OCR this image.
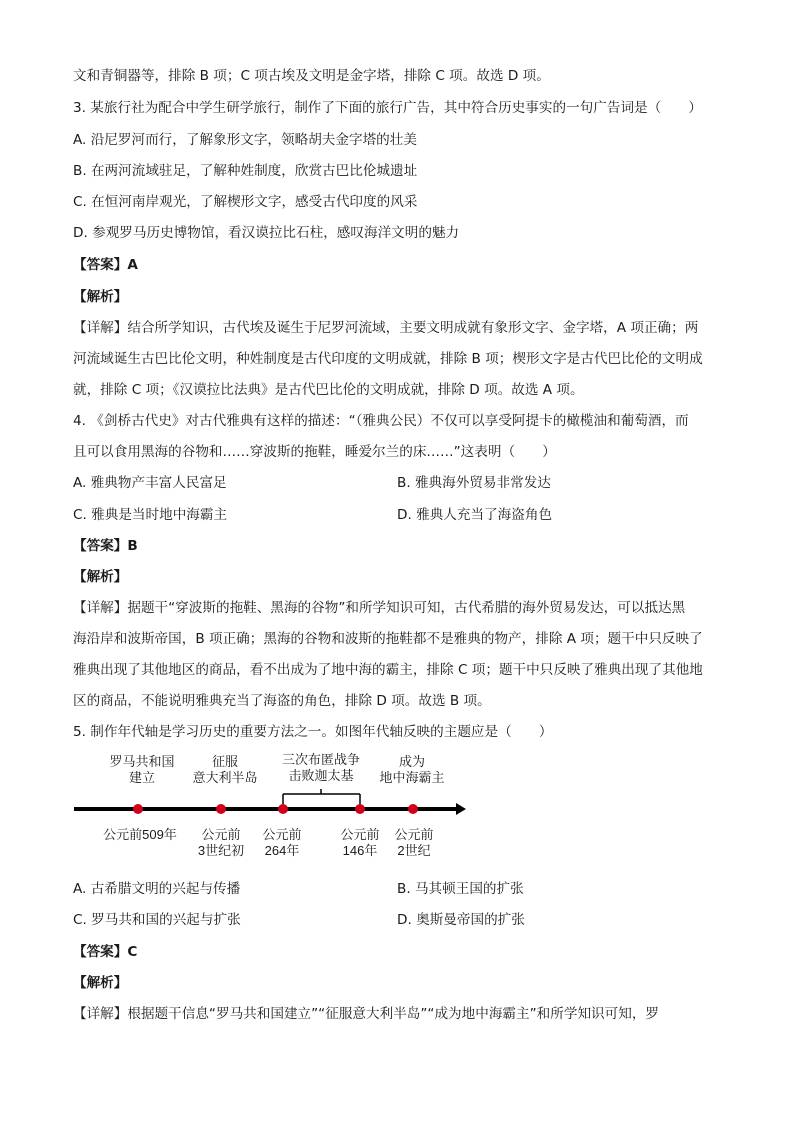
文和青铜器等，排除 B 项；C 项古埃及文明是金字塔，排除 C 项。故选 D 项。
3. 某旅行社为配合中学生研学旅行，制作了下面的旅行广告，其中符合历史事实的一句广告词是（　　）
A. 沿尼罗河而行，了解象形文字，领略胡夫金字塔的壮美
B. 在两河流域驻足，了解种姓制度，欣赏古巴比伦城遗址
C. 在恒河南岸观光，了解楔形文字，感受古代印度的风采
D. 参观罗马历史博物馆，看汉谟拉比石柱，感叹海洋文明的魅力
【答案】A
【解析】
【详解】结合所学知识，古代埃及诞生于尼罗河流域，主要文明成就有象形文字、金字塔，A 项正确；两
河流域诞生古巴比伦文明，种姓制度是古代印度的文明成就，排除 B 项；楔形文字是古代巴比伦的文明成
就，排除 C 项；《汉谟拉比法典》是古代巴比伦的文明成就，排除 D 项。故选 A 项。
4. 《剑桥古代史》对古代雅典有这样的描述：“（雅典公民）不仅可以享受阿提卡的橄榄油和葡萄酒，而
且可以食用黑海的谷物和……穿波斯的拖鞋，睡爱尔兰的床……”这表明（　　）
A. 雅典物产丰富人民富足	B. 雅典海外贸易非常发达
C. 雅典是当时地中海霸主	D. 雅典人充当了海盗角色
【答案】B
【解析】
【详解】据题干“穿波斯的拖鞋、黑海的谷物”和所学知识可知，古代希腊的海外贸易发达，可以抵达黑
海沿岸和波斯帝国，B 项正确；黑海的谷物和波斯的拖鞋都不是雅典的物产，排除 A 项；题干中只反映了
雅典出现了其他地区的商品，看不出成为了地中海的霸主，排除 C 项；题干中只反映了雅典出现了其他地
区的商品，不能说明雅典充当了海盗的角色，排除 D 项。故选 B 项。
5. 制作年代轴是学习历史的重要方法之一。如图年代轴反映的主题应是（　　）
罗马共和国
建立
征服
意大利半岛
三次布匿战争
击败迦太基
成为
地中海霸主
公元前509年 公元前
3世纪初
公元前
264年
公元前
146年
公元前
2世纪
A. 古希腊文明的兴起与传播	B. 马其顿王国的扩张
C. 罗马共和国的兴起与扩张	D. 奥斯曼帝国的扩张
【答案】C
【解析】
【详解】根据题干信息“罗马共和国建立”“征服意大利半岛”“成为地中海霸主”和所学知识可知，罗
